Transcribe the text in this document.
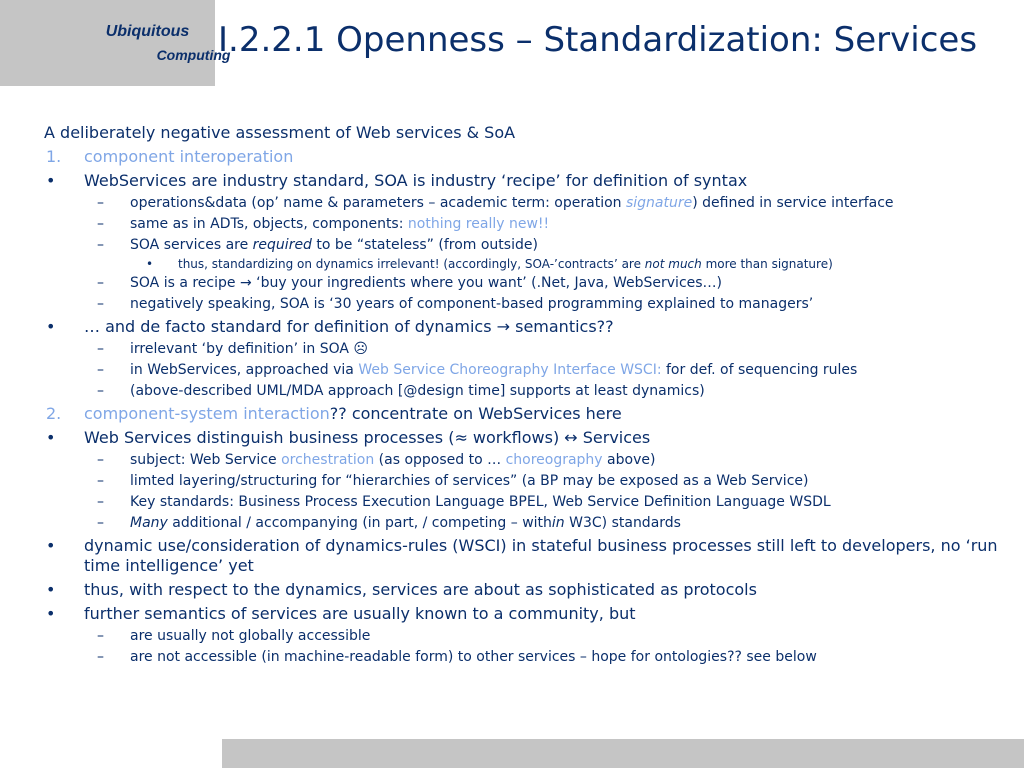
Ubiquitous
Computing
I.2.2.1 Openness – Standardization: Services
A deliberately negative assessment of Web services & SoA
1. component interoperation
• WebServices are industry standard, SOA is industry ‘recipe’ for definition of syntax
– operations&data (op’ name & parameters – academic term: operation signature) defined in service interface
– same as in ADTs, objects, components: nothing really new!!
– SOA services are required to be “stateless” (from outside)
• thus, standardizing on dynamics irrelevant! (accordingly, SOA-’contracts’ are not much more than signature)
– SOA is a recipe → ‘buy your ingredients where you want’ (.Net, Java, WebServices…)
– negatively speaking, SOA is ‘30 years of component-based programming explained to managers’
• … and de facto standard for definition of dynamics → semantics??
– irrelevant ‘by definition’ in SOA ☹
– in WebServices, approached via Web Service Choreography Interface WSCI: for def. of sequencing rules
– (above-described UML/MDA approach [@design time] supports at least dynamics)
2. component-system interaction?? concentrate on WebServices here
• Web Services distinguish business processes (≈ workflows) ↔ Services
– subject: Web Service orchestration (as opposed to … choreography above)
– limted layering/structuring for “hierarchies of services” (a BP may be exposed as a Web Service)
– Key standards: Business Process Execution Language BPEL, Web Service Definition Language WSDL
– Many additional / accompanying (in part, / competing – within W3C) standards
• dynamic use/consideration of dynamics-rules (WSCI) in stateful business processes still left to developers, no ‘run time intelligence’ yet
• thus, with respect to the dynamics, services are about as sophisticated as protocols
• further semantics of services are usually known to a community, but
– are usually not globally accessible
– are not accessible (in machine-readable form) to other services – hope for ontologies?? see below
